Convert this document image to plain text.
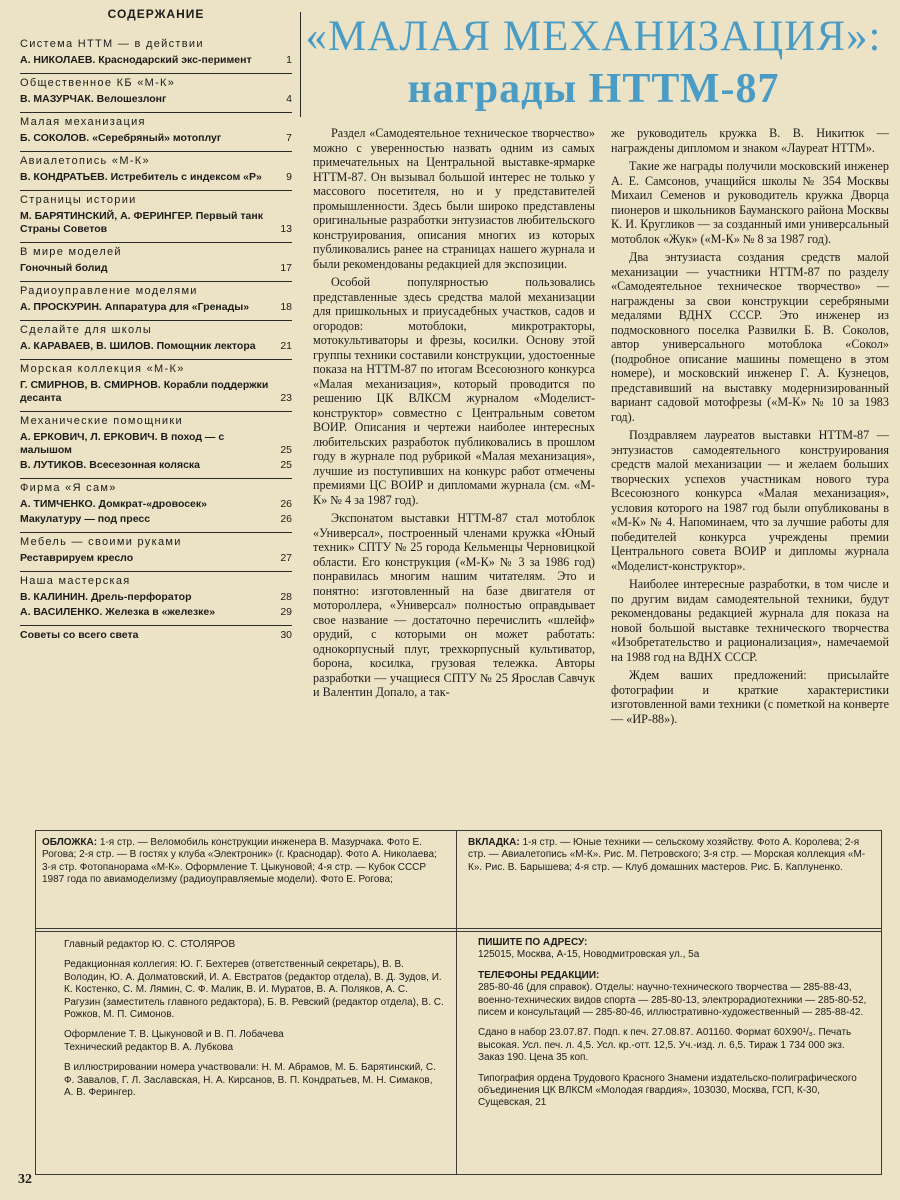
СОДЕРЖАНИЕ
Система НТТМ — в действии
А. НИКОЛАЕВ. Краснодарский экс-перимент	1
Общественное КБ «М-К»
В. МАЗУРЧАК. Велошезлонг	4
Малая механизация
Б. СОКОЛОВ. «Серебряный» мотоплуг	7
Авиалетопись «М-К»
В. КОНДРАТЬЕВ. Истребитель с индексом «Р»	9
Страницы истории
М. БАРЯТИНСКИЙ, А. ФЕРИНГЕР. Первый танк Страны Советов	13
В мире моделей
Гоночный болид	17
Радиоуправление моделями
А. ПРОСКУРИН. Аппаратура для «Гренады»	18
Сделайте для школы
А. КАРАВАЕВ, В. ШИЛОВ. Помощник лектора	21
Морская коллекция «М-К»
Г. СМИРНОВ, В. СМИРНОВ. Корабли поддержки десанта	23
Механические помощники
А. ЕРКОВИЧ, Л. ЕРКОВИЧ. В поход — с малышом	25
В. ЛУТИКОВ. Всесезонная коляска	25
Фирма «Я сам»
А. ТИМЧЕНКО. Домкрат-«дровосек»	26
Макулатуру — под пресс	26
Мебель — своими руками
Реставрируем кресло	27
Наша мастерская
В. КАЛИНИН. Дрель-перфоратор	28
А. ВАСИЛЕНКО. Железка в «железке»	29
Советы со всего света	30
«МАЛАЯ МЕХАНИЗАЦИЯ»:
награды НТТМ-87

Раздел «Самодеятельное техническое творчество» можно с уверенностью назвать одним из самых примечательных на Центральной выставке-ярмарке НТТМ-87. Он вызывал большой интерес не только у массового посетителя, но и у представителей промышленности. Здесь были широко представлены оригинальные разработки энтузиастов любительского конструирования, описания многих из которых публиковались ранее на страницах нашего журнала и были рекомендованы редакцией для экспозиции.

Особой популярностью пользовались представленные здесь средства малой механизации для пришкольных и приусадебных участков, садов и огородов: мотоблоки, микротракторы, мотокультиваторы и фрезы, косилки. Основу этой группы техники составили конструкции, удостоенные показа на НТТМ-87 по итогам Всесоюзного конкурса «Малая механизация», который проводится по решению ЦК ВЛКСМ журналом «Моделист-конструктор» совместно с Центральным советом ВОИР. Описания и чертежи наиболее интересных любительских разработок публиковались в прошлом году в журнале под рубрикой «Малая механизация», лучшие из поступивших на конкурс работ отмечены премиями ЦС ВОИР и дипломами журнала (см. «М-К» № 4 за 1987 год).

Экспонатом выставки НТТМ-87 стал мотоблок «Универсал», построенный членами кружка «Юный техник» СПТУ № 25 города Кельменцы Черновицкой области. Его конструкция («М-К» № 3 за 1986 год) понравилась многим нашим читателям. Это и понятно: изготовленный на базе двигателя от мотороллера, «Универсал» полностью оправдывает свое название — достаточно перечислить «шлейф» орудий, с которыми он может работать: однокорпусный плуг, трехкорпусный культиватор, борона, косилка, грузовая тележка. Авторы разработки — учащиеся СПТУ № 25 Ярослав Савчук и Валентин Допало, а так-

же руководитель кружка В. В. Никитюк — награждены дипломом и знаком «Лауреат НТТМ».

Такие же награды получили московский инженер А. Е. Самсонов, учащийся школы № 354 Москвы Михаил Семенов и руководитель кружка Дворца пионеров и школьников Бауманского района Москвы К. И. Кругликов — за созданный ими универсальный мотоблок «Жук» («М-К» № 8 за 1987 год).

Два энтузиаста создания средств малой механизации — участники НТТМ-87 по разделу «Самодеятельное техническое творчество» — награждены за свои конструкции серебряными медалями ВДНХ СССР. Это инженер из подмосковного поселка Развилки Б. В. Соколов, автор универсального мотоблока «Сокол» (подробное описание машины помещено в этом номере), и московский инженер Г. А. Кузнецов, представивший на выставку модернизированный вариант садовой мотофрезы («М-К» № 10 за 1983 год).

Поздравляем лауреатов выставки НТТМ-87 — энтузиастов самодеятельного конструирования средств малой механизации — и желаем больших творческих успехов участникам нового тура Всесоюзного конкурса «Малая механизация», условия которого на 1987 год были опубликованы в «М-К» № 4. Напоминаем, что за лучшие работы для победителей конкурса учреждены премии Центрального совета ВОИР и дипломы журнала «Моделист-конструктор».

Наиболее интересные разработки, в том числе и по другим видам самодеятельной техники, будут рекомендованы редакцией журнала для показа на новой большой выставке технического творчества «Изобретательство и рационализация», намечаемой на 1988 год на ВДНХ СССР.

Ждем ваших предложений: присылайте фотографии и краткие характеристики изготовленной вами техники (с пометкой на конверте — «ИР-88»).

ОБЛОЖКА: 1-я стр. — Веломобиль конструкции инженера В. Мазурчака. Фото Е. Рогова; 2-я стр. — В гостях у клуба «Электроник» (г. Краснодар). Фото А. Николаева; 3-я стр. Фотопанорама «М-К». Оформление Т. Цыкуновой; 4-я стр. — Кубок СССР 1987 года по авиамоделизму (радиоуправляемые модели). Фото Е. Рогова;
ВКЛАДКА: 1-я стр. — Юные техники — сельскому хозяйству. Фото А. Королева; 2-я стр. — Авиалетопись «М-К». Рис. М. Петровского; 3-я стр. — Морская коллекция «М-К». Рис. В. Барышева; 4-я стр. — Клуб домашних мастеров. Рис. Б. Каплуненко.

Главный редактор Ю. С. СТОЛЯРОВ

Редакционная коллегия: Ю. Г. Бехтерев (ответственный секретарь), В. В. Володин, Ю. А. Долматовский, И. А. Евстратов (редактор отдела), В. Д. Зудов, И. К. Костенко, С. М. Лямин, С. Ф. Малик, В. И. Муратов, В. А. Поляков, А. С. Рагузин (заместитель главного редактора), Б. В. Ревский (редактор отдела), В. С. Рожков, М. П. Симонов.

Оформление Т. В. Цыкуновой и В. П. Лобачева

Технический редактор В. А. Лубкова

В иллюстрировании номера участвовали: Н. М. Абрамов, М. Б. Барятинский, С. Ф. Завалов, Г. Л. Заславская, Н. А. Кирсанов, В. П. Кондратьев, М. Н. Симаков, А. В. Ферингер.

ПИШИТЕ ПО АДРЕСУ:

125015, Москва, А-15, Новодмитровская ул., 5а

ТЕЛЕФОНЫ РЕДАКЦИИ:

285-80-46 (для справок). Отделы: научно-технического творчества — 285-88-43, военно-технических видов спорта — 285-80-13, электрорадиотехники — 285-80-52, писем и консультаций — 285-80-46, иллюстративно-художественный — 285-88-42.

Сдано в набор 23.07.87. Подп. к печ. 27.08.87. А01160. Формат 60Х90¹/₈. Печать высокая. Усл. печ. л. 4,5. Усл. кр.-отт. 12,5. Уч.-изд. л. 6,5. Тираж 1 734 000 экз. Заказ 190. Цена 35 коп.

Типография ордена Трудового Красного Знамени издательско-полиграфического объединения ЦК ВЛКСМ «Молодая гвардия», 103030, Москва, ГСП, К-30, Сущевская, 21

32
